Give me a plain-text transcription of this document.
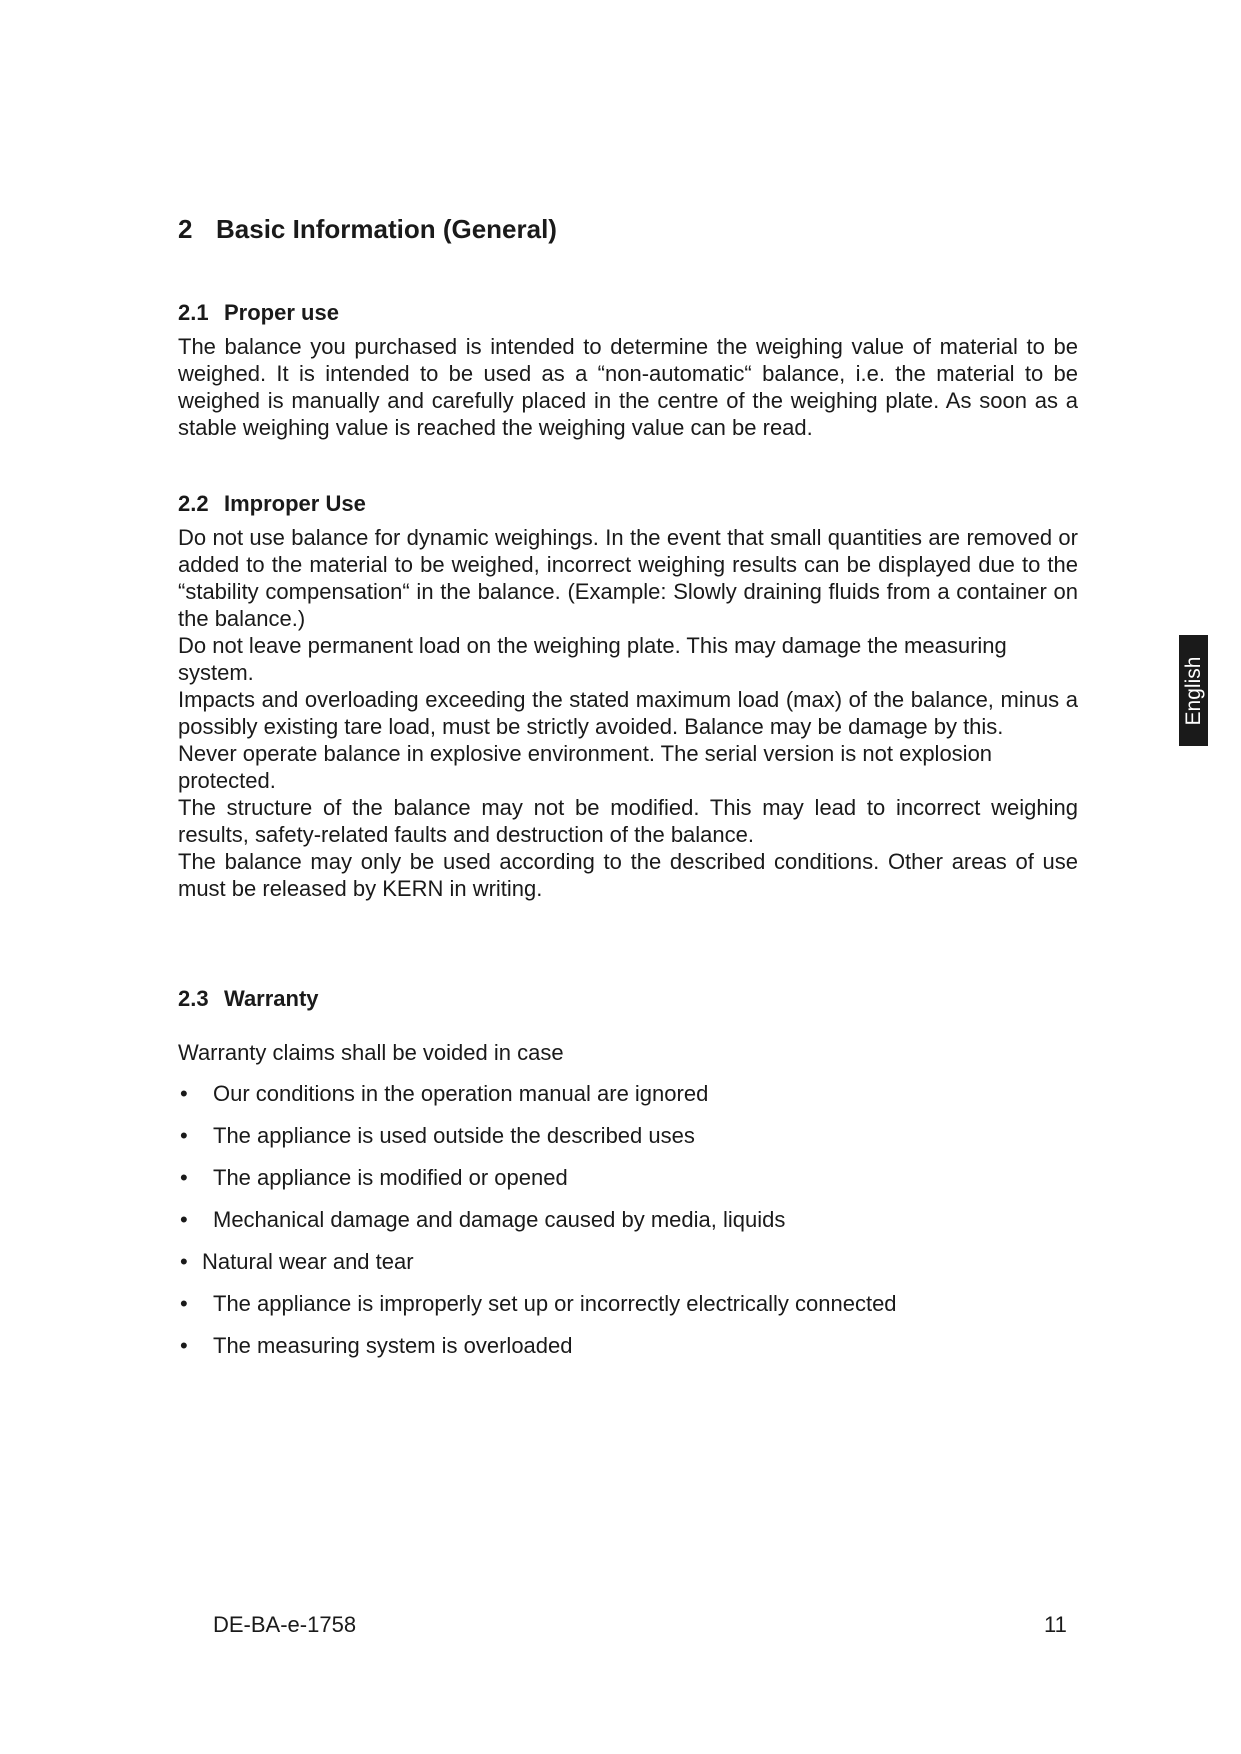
2 Basic Information (General)
2.1 Proper use

The balance you purchased is intended to determine the weighing value of material to be weighed. It is intended to be used as a “non-automatic“ balance, i.e. the material to be weighed is manually and carefully placed in the centre of the weighing plate. As soon as a stable weighing value is reached the weighing value can be read.

2.2 Improper Use

Do not use balance for dynamic weighings. In the event that small quantities are removed or added to the material to be weighed, incorrect weighing results can be displayed due to the “stability compensation“ in the balance. (Example: Slowly draining fluids from a container on the balance.)

Do not leave permanent load on the weighing plate. This may damage the measuring system.

Impacts and overloading exceeding the stated maximum load (max) of the balance, minus a possibly existing tare load, must be strictly avoided. Balance may be damage by this.

Never operate balance in explosive environment. The serial version is not explosion protected.

The structure of the balance may not be modified. This may lead to incorrect weighing results, safety-related faults and destruction of the balance.

The balance may only be used according to the described conditions. Other areas of use must be released by KERN in writing.

2.3 Warranty

Warranty claims shall be voided in case

• Our conditions in the operation manual are ignored
• The appliance is used outside the described uses
• The appliance is modified or opened
• Mechanical damage and damage caused by media, liquids
• Natural wear and tear
• The appliance is improperly set up or incorrectly electrically connected
• The measuring system is overloaded
English
DE-BA-e-1758	11
